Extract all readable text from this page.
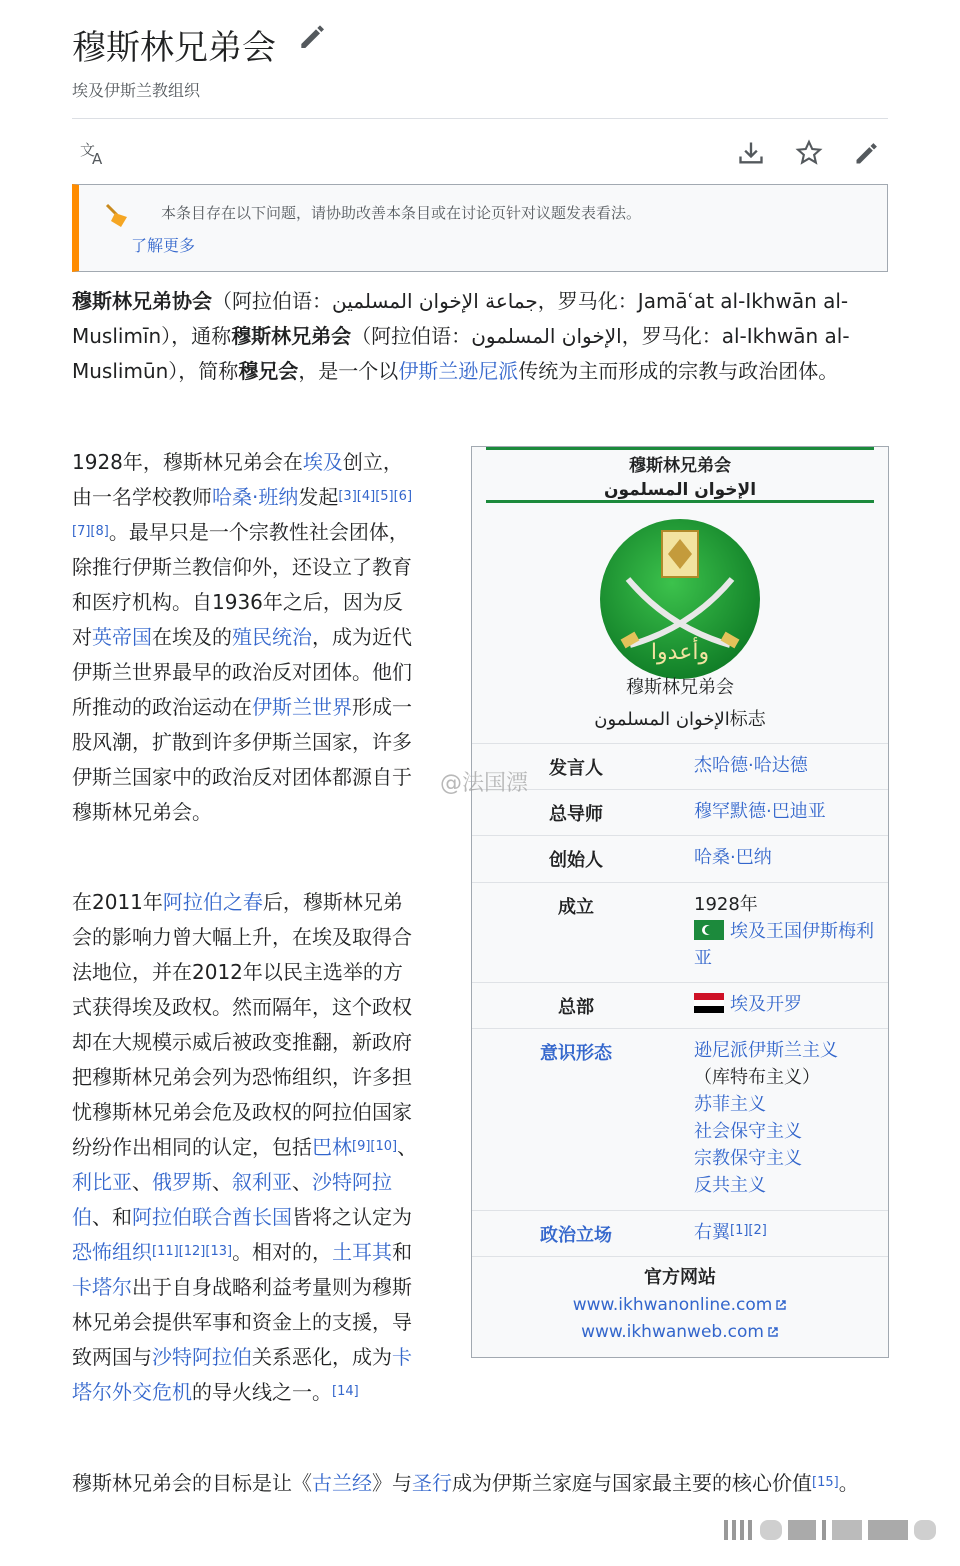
穆斯林兄弟会
埃及伊斯兰教组织
文
A
本条目存在以下问题，请协助改善本条目或在讨论页针对议题发表看法。
了解更多
穆斯林兄弟协会（阿拉伯语：جماعة الإخوان المسلمين，罗马化：Jamāʿat al-Ikhwān al-Muslimīn），通称穆斯林兄弟会（阿拉伯语：الإخوان المسلمون，罗马化：al-Ikhwān al-Muslimūn），简称穆兄会，是一个以伊斯兰逊尼派传统为主而形成的宗教与政治团体。
1928年，穆斯林兄弟会在埃及创立，由一名学校教师哈桑·班纳发起[3][4][5][6][7][8]。最早只是一个宗教性社会团体，除推行伊斯兰教信仰外，还设立了教育和医疗机构。自1936年之后，因为反对英帝国在埃及的殖民统治，成为近代伊斯兰世界最早的政治反对团体。他们所推动的政治运动在伊斯兰世界形成一股风潮，扩散到许多伊斯兰国家，许多伊斯兰国家中的政治反对团体都源自于穆斯林兄弟会。
在2011年阿拉伯之春后，穆斯林兄弟会的影响力曾大幅上升，在埃及取得合法地位，并在2012年以民主选举的方式获得埃及政权。然而隔年，这个政权却在大规模示威后被政变推翻，新政府把穆斯林兄弟会列为恐怖组织，许多担忧穆斯林兄弟会危及政权的阿拉伯国家纷纷作出相同的认定，包括巴林[9][10]、利比亚、俄罗斯、叙利亚、沙特阿拉伯、和阿拉伯联合酋长国皆将之认定为恐怖组织[11][12][13]。相对的，土耳其和卡塔尔出于自身战略利益考量则为穆斯林兄弟会提供军事和资金上的支援，导致两国与沙特阿拉伯关系恶化，成为卡塔尔外交危机的导火线之一。[14]
穆斯林兄弟会的目标是让《古兰经》与圣行成为伊斯兰家庭与国家最主要的核心价值[15]。
穆斯林兄弟会
الإخوان المسلمون
وأعدوا
穆斯林兄弟会
الإخوان المسلمون标志
发言人	杰哈德·哈达德
总导师	穆罕默德·巴迪亚
创始人	哈桑·巴纳
成立	1928年
埃及王国伊斯梅利亚
总部	埃及开罗
意识形态	逊尼派伊斯兰主义
（库特布主义）
苏菲主义
社会保守主义
宗教保守主义
反共主义
政治立场	右翼[1][2]
官方网站
www.ikhwanonline.com
www.ikhwanweb.com
@法国漂
